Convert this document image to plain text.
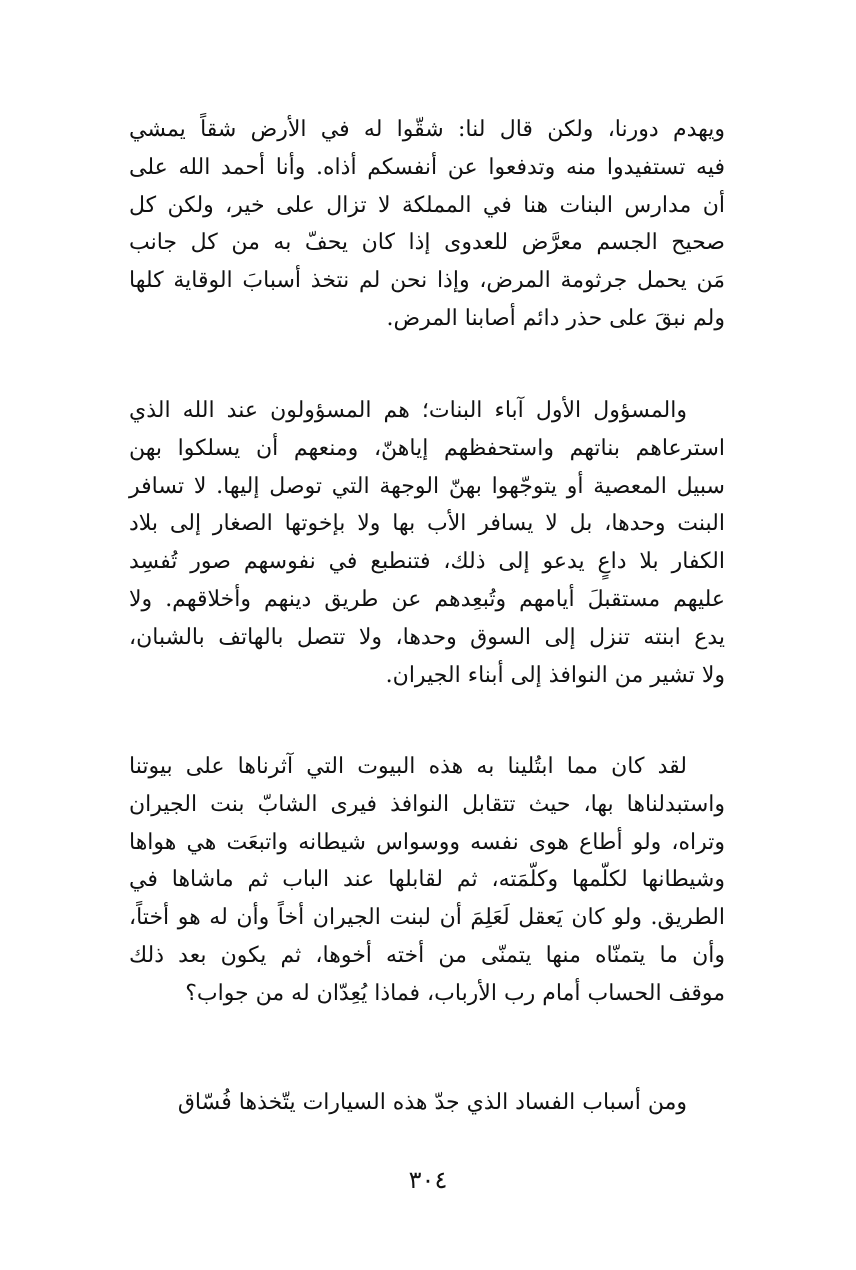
ويهدم دورنا، ولكن قال لنا: شقّوا له في الأرض شقاً يمشي
فيه تستفيدوا منه وتدفعوا عن أنفسكم أذاه. وأنا أحمد الله على
أن مدارس البنات هنا في المملكة لا تزال على خير، ولكن كل
صحيح الجسم معرَّض للعدوى إذا كان يحفّ به من كل جانب
مَن يحمل جرثومة المرض، وإذا نحن لم نتخذ أسبابَ الوقاية كلها
ولم نبقَ على حذر دائم أصابنا المرض.
والمسؤول الأول آباء البنات؛ هم المسؤولون عند الله الذي
استرعاهم بناتهم واستحفظهم إياهنّ، ومنعهم أن يسلكوا بهن
سبيل المعصية أو يتوجّهوا بهنّ الوجهة التي توصل إليها. لا تسافر
البنت وحدها، بل لا يسافر الأب بها ولا بإخوتها الصغار إلى بلاد
الكفار بلا داعٍ يدعو إلى ذلك، فتنطبع في نفوسهم صور تُفسِد
عليهم مستقبلَ أيامهم وتُبعِدهم عن طريق دينهم وأخلاقهم. ولا
يدع ابنته تنزل إلى السوق وحدها، ولا تتصل بالهاتف بالشبان،
ولا تشير من النوافذ إلى أبناء الجيران.
لقد كان مما ابتُلينا به هذه البيوت التي آثرناها على بيوتنا
واستبدلناها بها، حيث تتقابل النوافذ فيرى الشابّ بنت الجيران
وتراه، ولو أطاع هوى نفسه ووسواس شيطانه واتبعَت هي هواها
وشيطانها لكلّمها وكلّمَته، ثم لقابلها عند الباب ثم ماشاها في
الطريق. ولو كان يَعقل لَعَلِمَ أن لبنت الجيران أخاً وأن له هو أختاً،
وأن ما يتمنّاه منها يتمنّى من أخته أخوها، ثم يكون بعد ذلك
موقف الحساب أمام رب الأرباب، فماذا يُعِدّان له من جواب؟
ومن أسباب الفساد الذي جدّ هذه السيارات يتّخذها فُسّاق
٣٠٤
